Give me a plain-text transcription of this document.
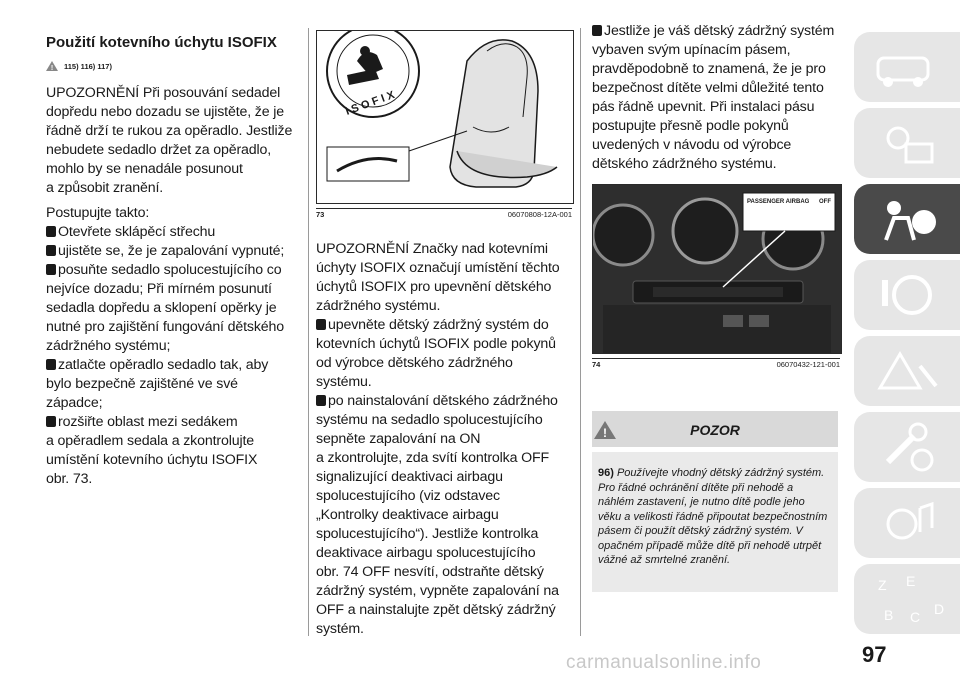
Použití kotevního úchytu ISOFIX
! 115) 116) 117)

UPOZORNĚNÍ Při posouvání sedadel

dopředu nebo dozadu se ujistěte, že je

řádně drží te rukou za opěradlo. Jestliže

nebudete sedadlo držet za opěradlo,

mohlo by se nenadále posunout

a způsobit zranění.

Postupujte takto:

Otevřete sklápěcí střechu

ujistěte se, že je zapalování vypnuté;

posuňte sedadlo spolucestujícího co

nejvíce dozadu; Při mírném posunutí

sedadla dopředu a sklopení opěrky je

nutné pro zajištění fungování dětského

zádržného systému;

zatlačte opěradlo sedadlo tak, aby

bylo bezpečně zajištěné ve své

západce;

rozšiřte oblast mezi sedákem

a opěradlem sedala a zkontrolujte

umístění kotevního úchytu ISOFIX

obr. 73.

I S O F I X
73	06070808-12A-001

UPOZORNĚNÍ Značky nad kotevními

úchyty ISOFIX označují umístění těchto

úchytů ISOFIX pro upevnění dětského

zádržného systému.

upevněte dětský zádržný systém do

kotevních úchytů ISOFIX podle pokynů

od výrobce dětského zádržného

systému.

po nainstalování dětského zádržného

systému na sedadlo spolucestujícího

sepněte zapalování na ON

a zkontrolujte, zda svítí kontrolka OFF

signalizující deaktivaci airbagu

spolucestujícího (viz odstavec

„Kontrolky deaktivace airbagu

spolucestujícího“). Jestliže kontrolka

deaktivace airbagu spolucestujícího

obr. 74 OFF nesvítí, odstraňte dětský

zádržný systém, vypněte zapalování na

OFF a nainstalujte zpět dětský zádržný

systém.

Jestliže je váš dětský zádržný systém

vybaven svým upínacím pásem,

pravděpodobně to znamená, že je pro

bezpečnost dítěte velmi důležité tento

pás řádně upevnit. Při instalaci pásu

postupujte přesně podle pokynů

uvedených v návodu od výrobce

dětského zádržného systému.

PASSENGER AIRBAG OFF
74	06070432-121-001
!	POZOR
96) Používejte vhodný dětský zádržný systém. Pro řádné ochránění dítěte při nehodě a náhlém zastavení, je nutno dítě podle jeho věku a velikosti řádně připoutat bezpečnostním pásem či použít dětský zádržný systém. V opačném případě může dítě při nehodě utrpět vážné až smrtelné zranění.
Z E
B C D
97
carmanualsonline.info
